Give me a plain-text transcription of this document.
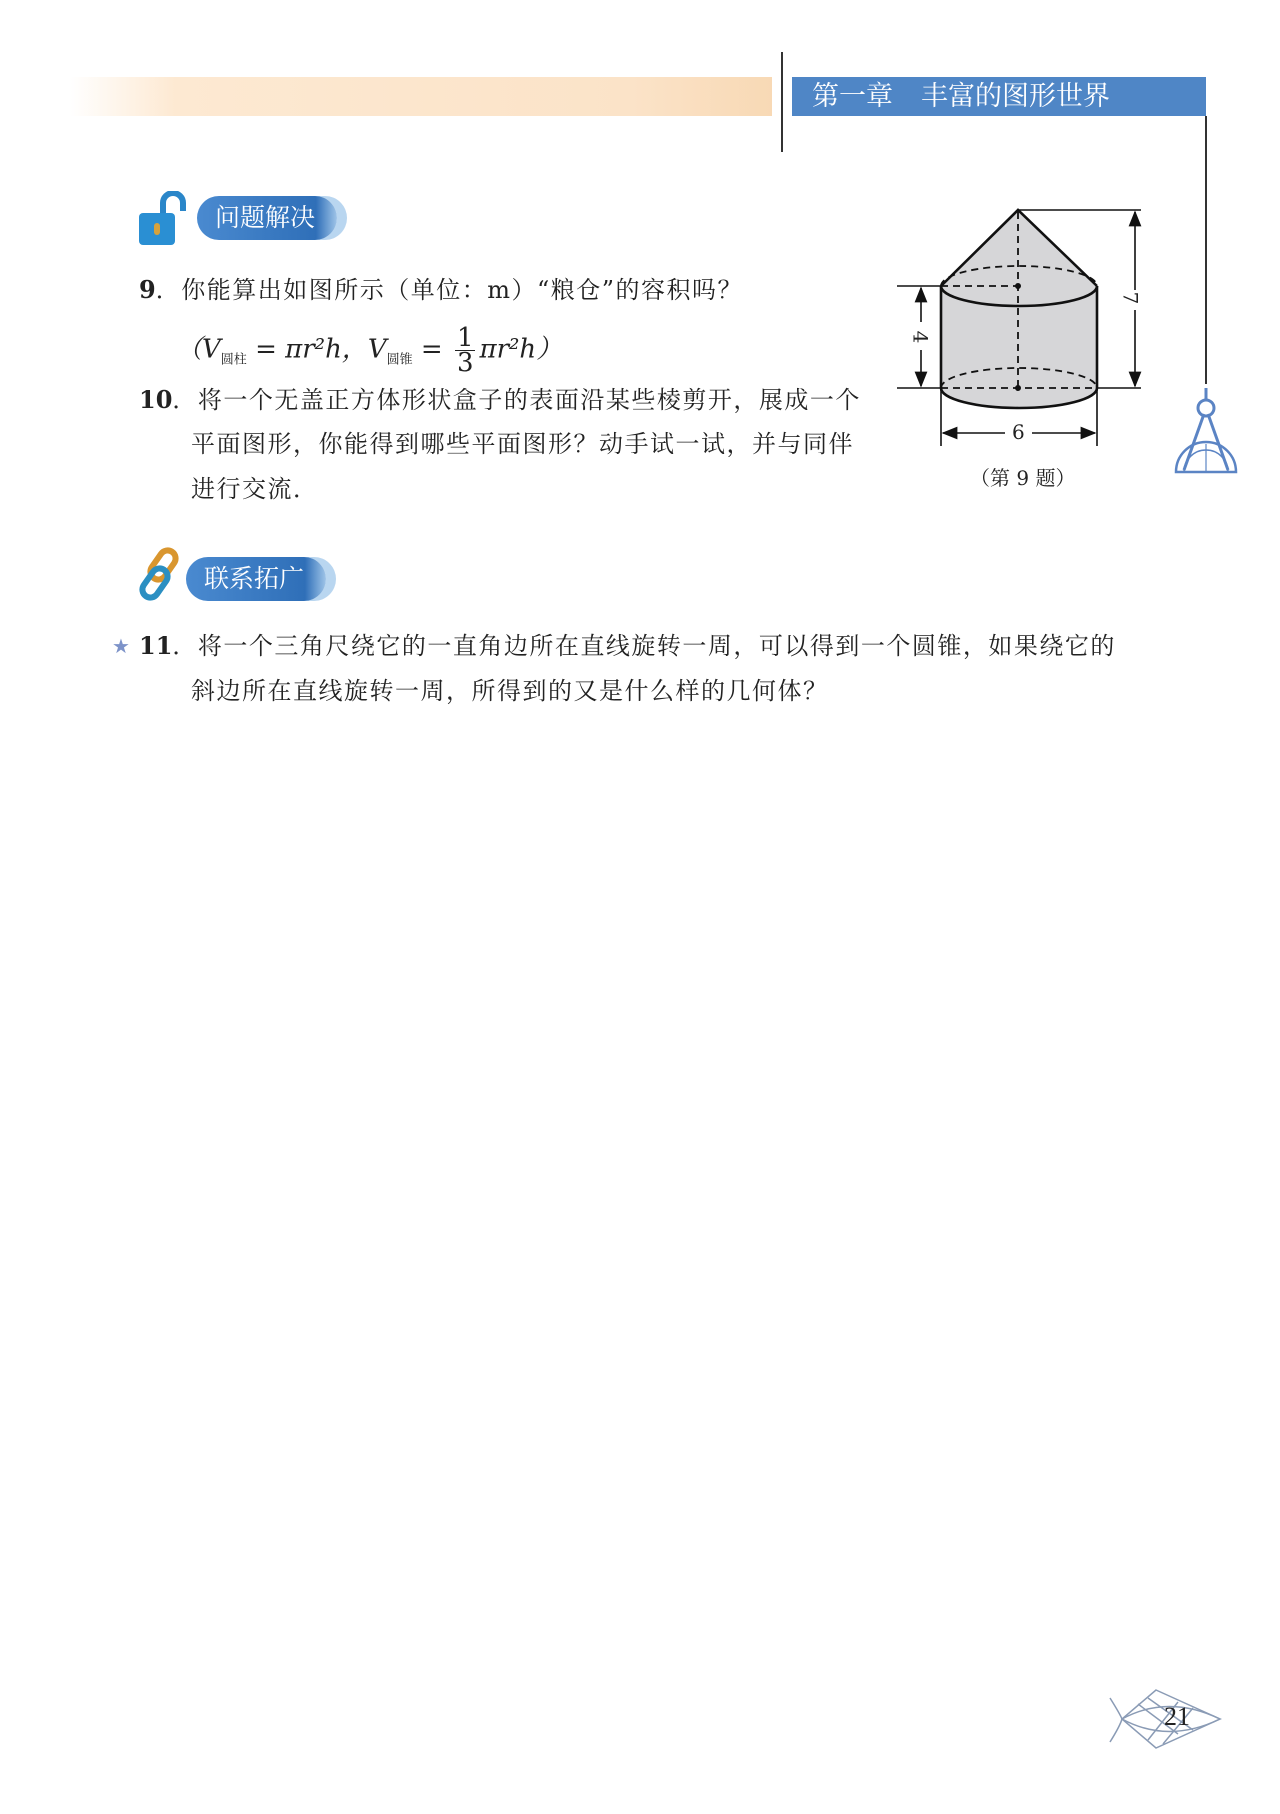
第一章 丰富的图形世界
问题解决
7
4
6
（第 9 题）
9．你能算出如图所示（单位：m）“粮仓”的容积吗？
（$V_{圆柱} = \pi r^2h$，$V_{圆锥} = \frac{1}{3} \pi r^2h$）
10．将一个无盖正方体形状盒子的表面沿某些棱剪开，展成一个
平面图形，你能得到哪些平面图形？动手试一试，并与同伴
进行交流．
联系拓广
★ 11．将一个三角尺绕它的一直角边所在直线旋转一周，可以得到一个圆锥，如果绕它的
斜边所在直线旋转一周，所得到的又是什么样的几何体？
21
